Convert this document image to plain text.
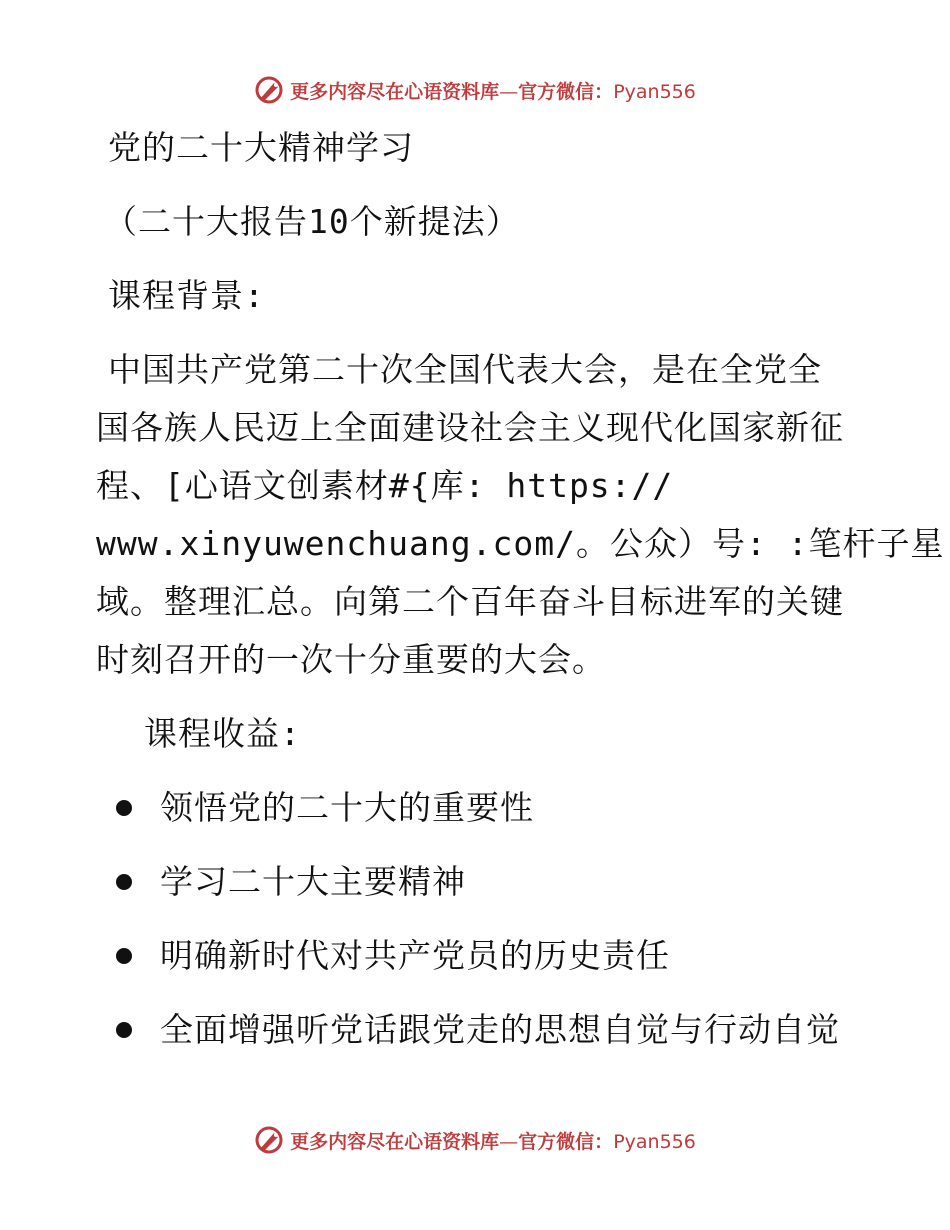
更多内容尽在心语资料库—官方微信：Pyan556
党的二十大精神学习
（二十大报告10个新提法）
课程背景:
中国共产党第二十次全国代表大会，是在全党全
国各族人民迈上全面建设社会主义现代化国家新征
程、[心语文创素材#{库: https://
www.xinyuwenchuang.com/。公众）号: :笔杆子星
域。整理汇总。向第二个百年奋斗目标进军的关键
时刻召开的一次十分重要的大会。
课程收益:
领悟党的二十大的重要性
学习二十大主要精神
明确新时代对共产党员的历史责任
全面增强听党话跟党走的思想自觉与行动自觉
更多内容尽在心语资料库—官方微信：Pyan556
